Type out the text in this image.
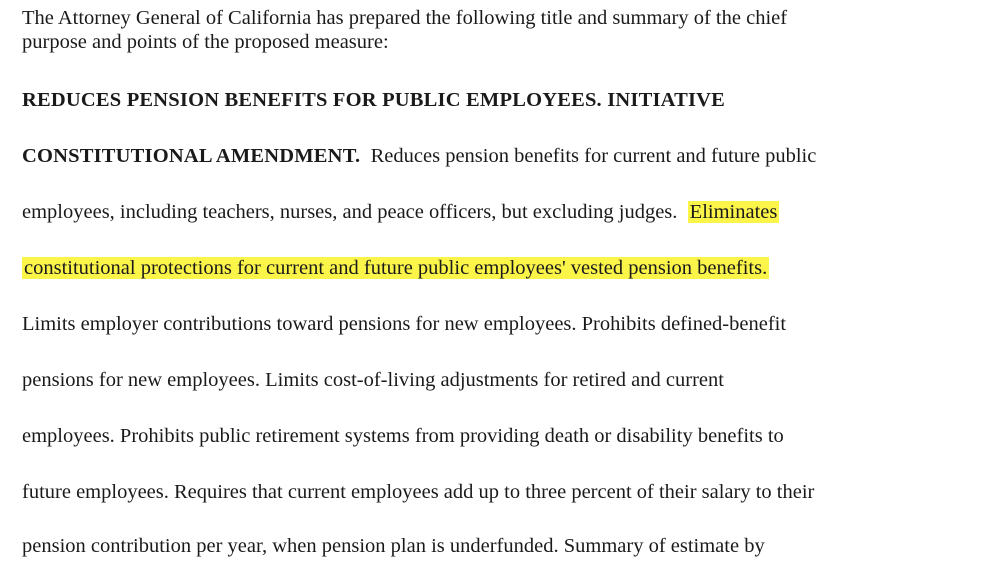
The Attorney General of California has prepared the following title and summary of the chief
purpose and points of the proposed measure:

REDUCES PENSION BENEFITS FOR PUBLIC EMPLOYEES. INITIATIVE
CONSTITUTIONAL AMENDMENT. Reduces pension benefits for current and future public
employees, including teachers, nurses, and peace officers, but excluding judges. Eliminates
constitutional protections for current and future public employees' vested pension benefits.
Limits employer contributions toward pensions for new employees. Prohibits defined-benefit
pensions for new employees. Limits cost-of-living adjustments for retired and current
employees. Prohibits public retirement systems from providing death or disability benefits to
future employees. Requires that current employees add up to three percent of their salary to their
pension contribution per year, when pension plan is underfunded. Summary of estimate by
